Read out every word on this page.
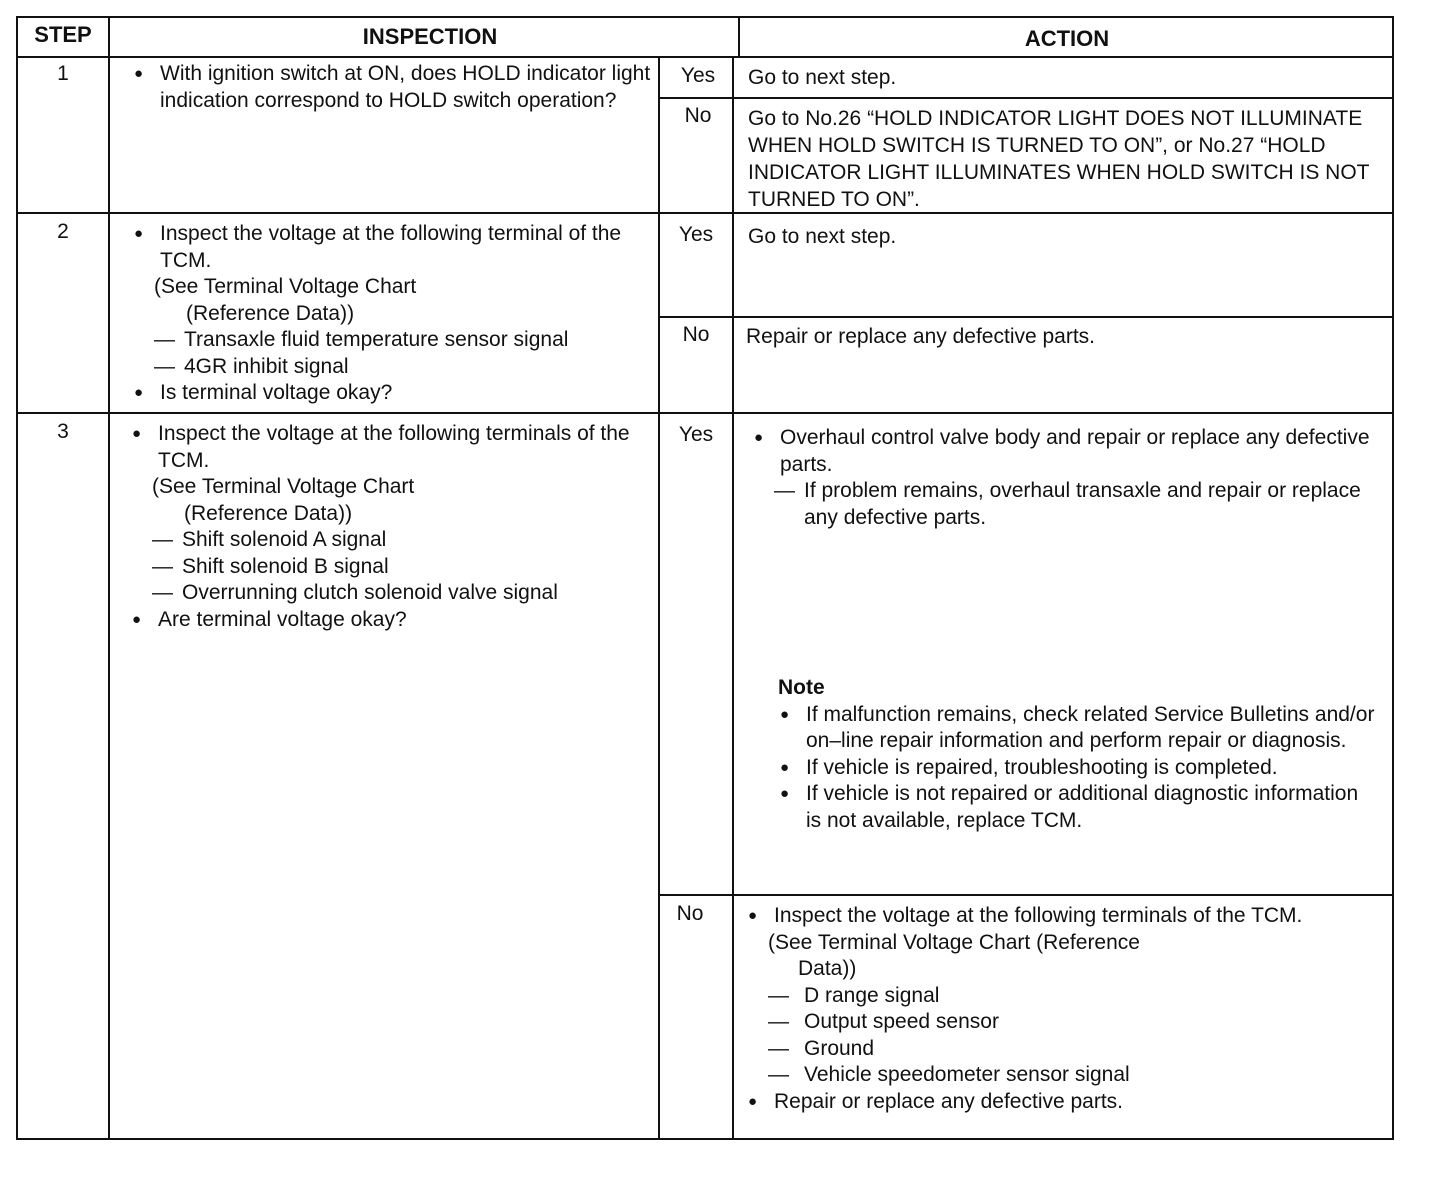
STEP	INSPECTION	ACTION
1	● With ignition switch at ON, does HOLD indicator light indication correspond to HOLD switch operation?

Yes	Go to next step.
No	Go to No.26 “HOLD INDICATOR LIGHT DOES NOT ILLUMINATE WHEN HOLD SWITCH IS TURNED TO ON”, or No.27 “HOLD INDICATOR LIGHT ILLUMINATES WHEN HOLD SWITCH IS NOT TURNED TO ON”.
2	● Inspect the voltage at the following terminal of the TCM.

(See Terminal Voltage Chart

(Reference Data))

— Transaxle fluid temperature sensor signal

— 4GR inhibit signal

● Is terminal voltage okay?

Yes	Go to next step.
No	Repair or replace any defective parts.
3	● Inspect the voltage at the following terminals of the TCM.

(See Terminal Voltage Chart

(Reference Data))

— Shift solenoid A signal

— Shift solenoid B signal

— Overrunning clutch solenoid valve signal

● Are terminal voltage okay?

Yes	● Overhaul control valve body and repair or replace any defective parts.

— If problem remains, overhaul transaxle and repair or replace any defective parts.

Note

● If malfunction remains, check related Service Bulletins and/or on–line repair information and perform repair or diagnosis.

● If vehicle is repaired, troubleshooting is completed.

● If vehicle is not repaired or additional diagnostic information is not available, replace TCM.

No	● Inspect the voltage at the following terminals of the TCM.

(See Terminal Voltage Chart (Reference

Data))

— D range signal

— Output speed sensor

— Ground

— Vehicle speedometer sensor signal

● Repair or replace any defective parts.
